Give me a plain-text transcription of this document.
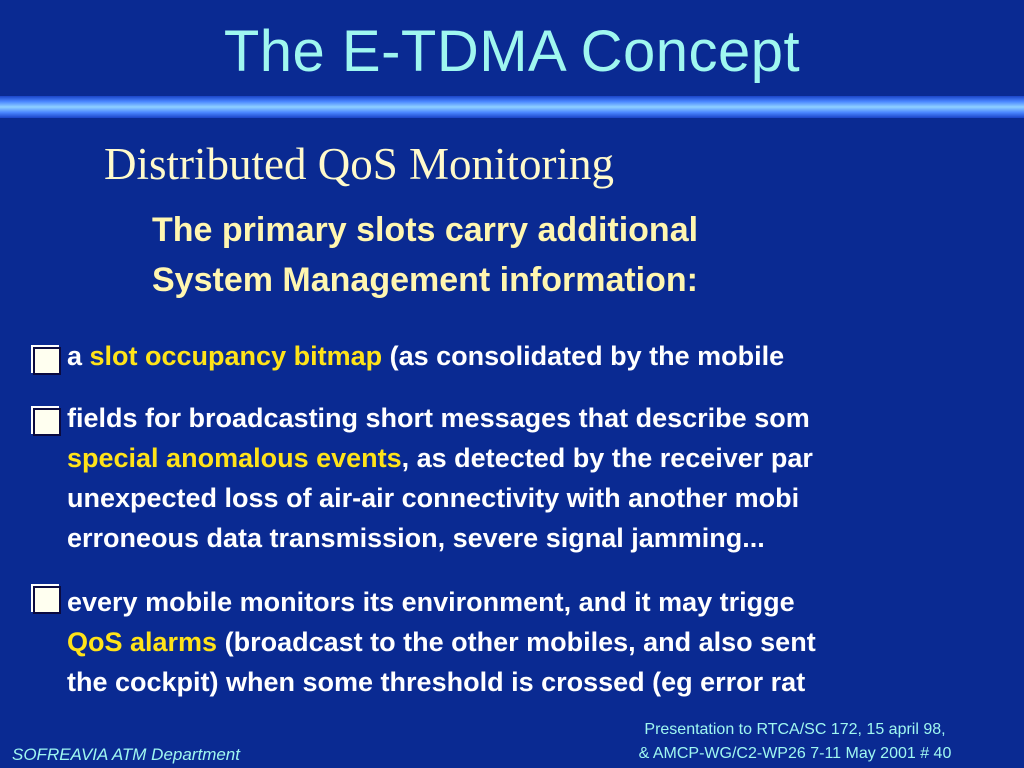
The E-TDMA Concept
Distributed QoS Monitoring

The primary slots carry additional
System Management information:

a slot occupancy bitmap (as consolidated by the mobile

fields for broadcasting short messages that describe som
special anomalous events, as detected by the receiver par
unexpected loss of air-air connectivity with another mobi
erroneous data transmission, severe signal jamming...

every mobile monitors its environment, and it may trigge
QoS alarms (broadcast to the other mobiles, and also sent
the cockpit) when some threshold is crossed (eg error rat

SOFREAVIA ATM Department
Presentation to RTCA/SC 172, 15 april 98,
& AMCP-WG/C2-WP26 7-11 May 2001 # 40
